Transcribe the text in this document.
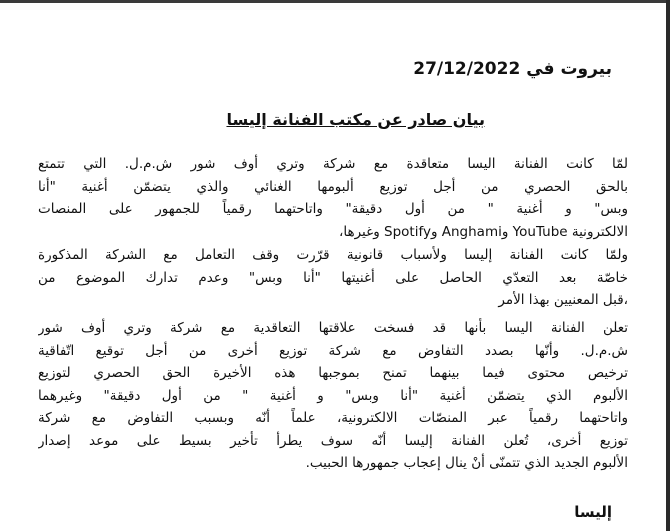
بيروت في 27/12/2022
بيان صادر عن مكتب الفنانة إليسا
لمّا كانت الفنانة اليسا متعاقدة مع شركة وتري أوف شور ش.م.ل. التي تتمتع
بالحق الحصري من أجل توزيع ألبومها الغنائي والذي يتضمّن أغنية "أنا
وبس" و أغنية " من أول دقيقة" واتاحتهما رقمياً للجمهور على المنصات
الالكترونية YouTube وAnghami وSpotify وغيرها،
ولمّا كانت الفنانة إليسا ولأسباب قانونية قرّرت وقف التعامل مع الشركة المذكورة
خاصّة بعد التعدّي الحاصل على أغنيتها "أنا وبس" وعدم تدارك الموضوع من
،قبل المعنيين بهذا الأمر
تعلن الفنانة اليسا بأنها قد فسخت علاقتها التعاقدية مع شركة وتري أوف شور
ش.م.ل. وأنّها بصدد التفاوض مع شركة توزيع أخرى من أجل توقيع اتّفاقية
ترخيص محتوى فيما بينهما تمنح بموجبها هذه الأخيرة الحق الحصري لتوزيع
الألبوم الذي يتضمّن أغنية "أنا وبس" و أغنية " من أول دقيقة" وغيرهما
واتاحتهما رقمياً عبر المنصّات الالكترونية، علماً أنّه وبسبب التفاوض مع شركة
توزيع أخرى، تُعلن الفنانة إليسا أنّه سوف يطرأ تأخير بسيط على موعد إصدار
الألبوم الجديد الذي تتمنّى أنْ ينال إعجاب جمهورها الحبيب.
إليسا
